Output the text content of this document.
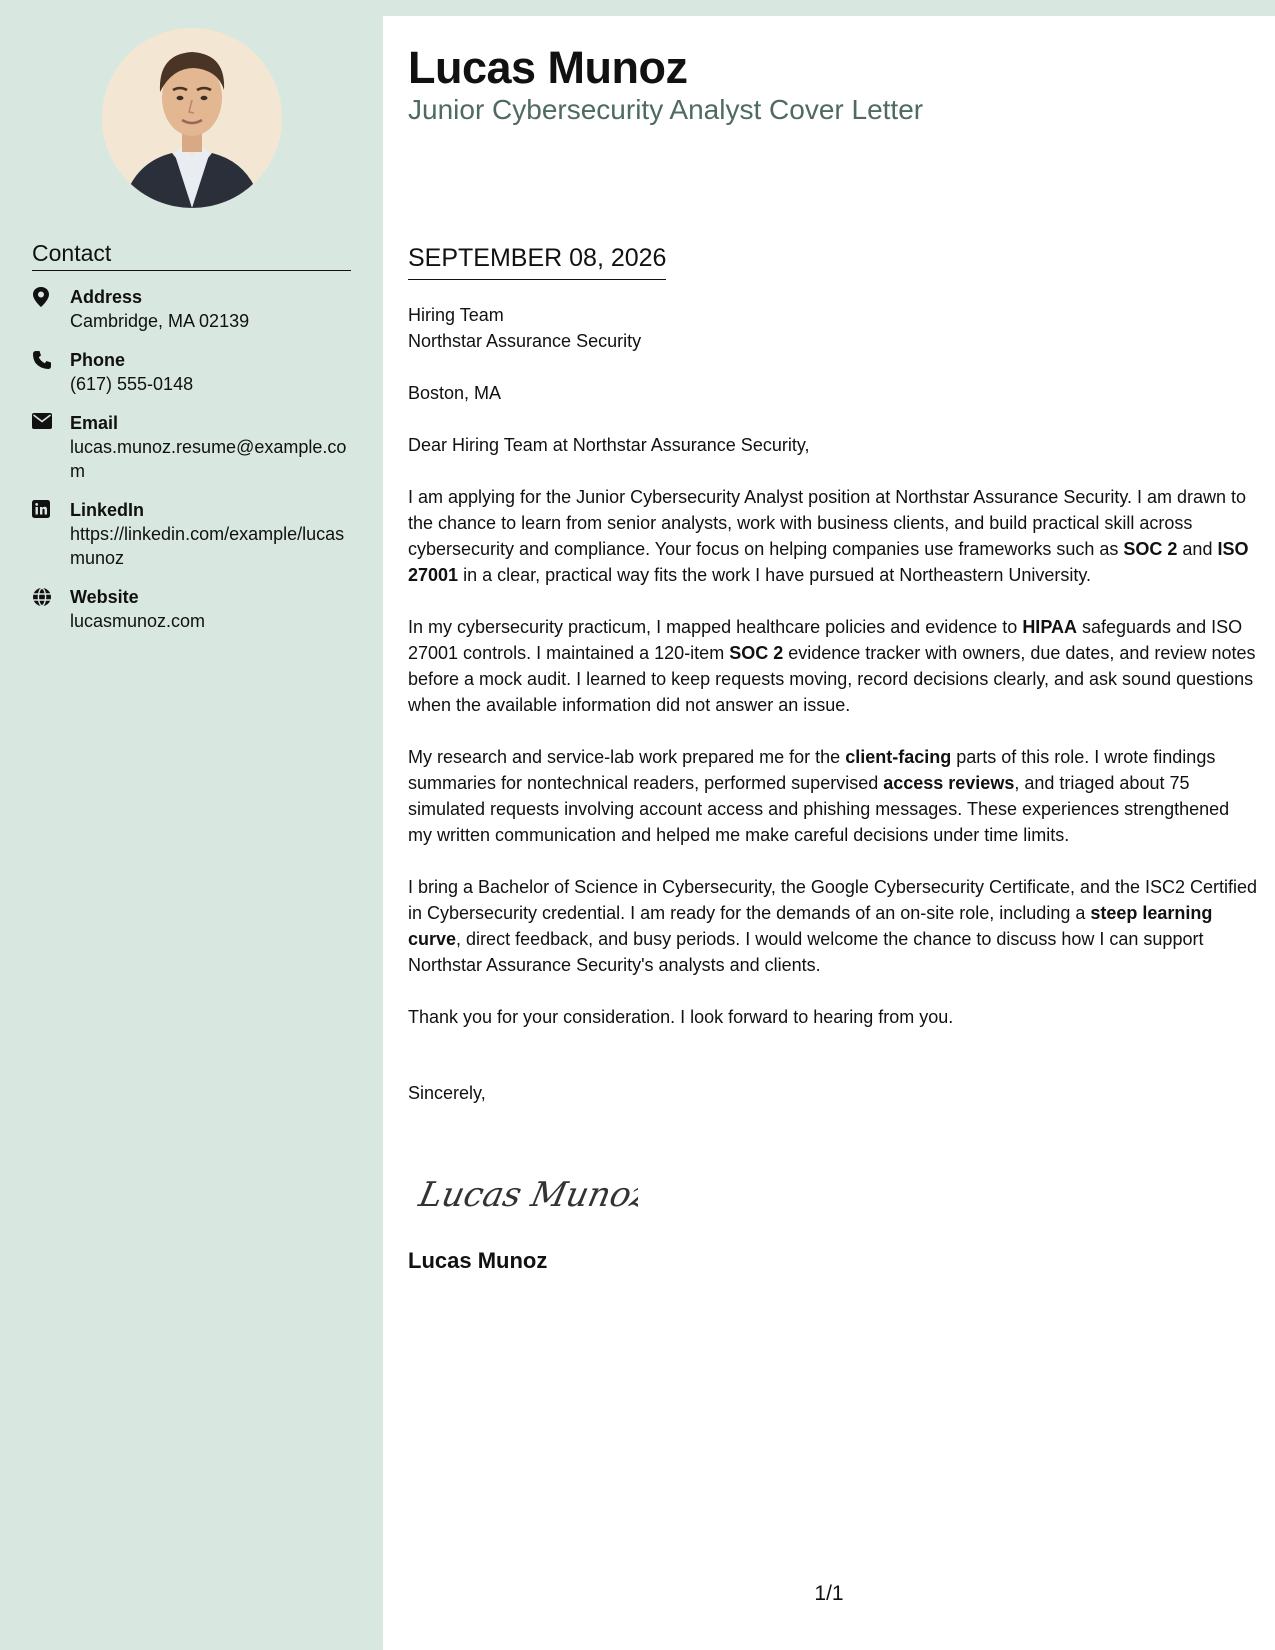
Contact
Address
Cambridge, MA 02139
Phone
(617) 555-0148
Email
lucas.munoz.resume@example.com
LinkedIn
https://linkedin.com/example/lucasmunoz
Website
lucasmunoz.com
Lucas Munoz
Junior Cybersecurity Analyst Cover Letter
SEPTEMBER 08, 2026
Hiring Team
Northstar Assurance Security
Boston, MA

Dear Hiring Team at Northstar Assurance Security,

I am applying for the Junior Cybersecurity Analyst position at Northstar Assurance Security. I am drawn to the chance to learn from senior analysts, work with business clients, and build practical skill across cybersecurity and compliance. Your focus on helping companies use frameworks such as SOC 2 and ISO 27001 in a clear, practical way fits the work I have pursued at Northeastern University.

In my cybersecurity practicum, I mapped healthcare policies and evidence to HIPAA safeguards and ISO 27001 controls. I maintained a 120-item SOC 2 evidence tracker with owners, due dates, and review notes before a mock audit. I learned to keep requests moving, record decisions clearly, and ask sound questions when the available information did not answer an issue.

My research and service-lab work prepared me for the client-facing parts of this role. I wrote findings summaries for nontechnical readers, performed supervised access reviews, and triaged about 75 simulated requests involving account access and phishing messages. These experiences strengthened my written communication and helped me make careful decisions under time limits.

I bring a Bachelor of Science in Cybersecurity, the Google Cybersecurity Certificate, and the ISC2 Certified in Cybersecurity credential. I am ready for the demands of an on-site role, including a steep learning curve, direct feedback, and busy periods. I would welcome the chance to discuss how I can support Northstar Assurance Security's analysts and clients.

Thank you for your consideration. I look forward to hearing from you.

Sincerely,
Lucas Munoz
Lucas Munoz
1/1
